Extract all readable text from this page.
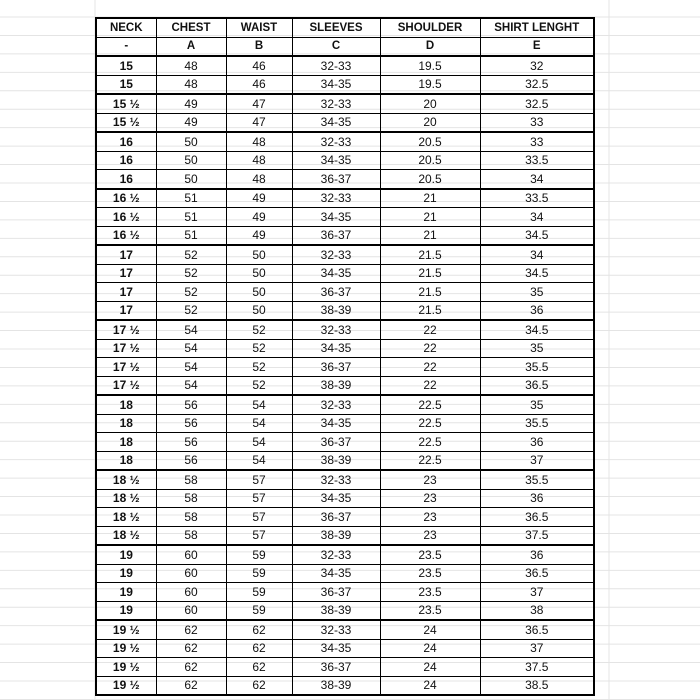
NECK	CHEST	WAIST	SLEEVES	SHOULDER	SHIRT LENGHT
-	A	B	C	D	E
15	48	46	32-33	19.5	32
15	48	46	34-35	19.5	32.5
15 ½	49	47	32-33	20	32.5
15 ½	49	47	34-35	20	33
16	50	48	32-33	20.5	33
16	50	48	34-35	20.5	33.5
16	50	48	36-37	20.5	34
16 ½	51	49	32-33	21	33.5
16 ½	51	49	34-35	21	34
16 ½	51	49	36-37	21	34.5
17	52	50	32-33	21.5	34
17	52	50	34-35	21.5	34.5
17	52	50	36-37	21.5	35
17	52	50	38-39	21.5	36
17 ½	54	52	32-33	22	34.5
17 ½	54	52	34-35	22	35
17 ½	54	52	36-37	22	35.5
17 ½	54	52	38-39	22	36.5
18	56	54	32-33	22.5	35
18	56	54	34-35	22.5	35.5
18	56	54	36-37	22.5	36
18	56	54	38-39	22.5	37
18 ½	58	57	32-33	23	35.5
18 ½	58	57	34-35	23	36
18 ½	58	57	36-37	23	36.5
18 ½	58	57	38-39	23	37.5
19	60	59	32-33	23.5	36
19	60	59	34-35	23.5	36.5
19	60	59	36-37	23.5	37
19	60	59	38-39	23.5	38
19 ½	62	62	32-33	24	36.5
19 ½	62	62	34-35	24	37
19 ½	62	62	36-37	24	37.5
19 ½	62	62	38-39	24	38.5
